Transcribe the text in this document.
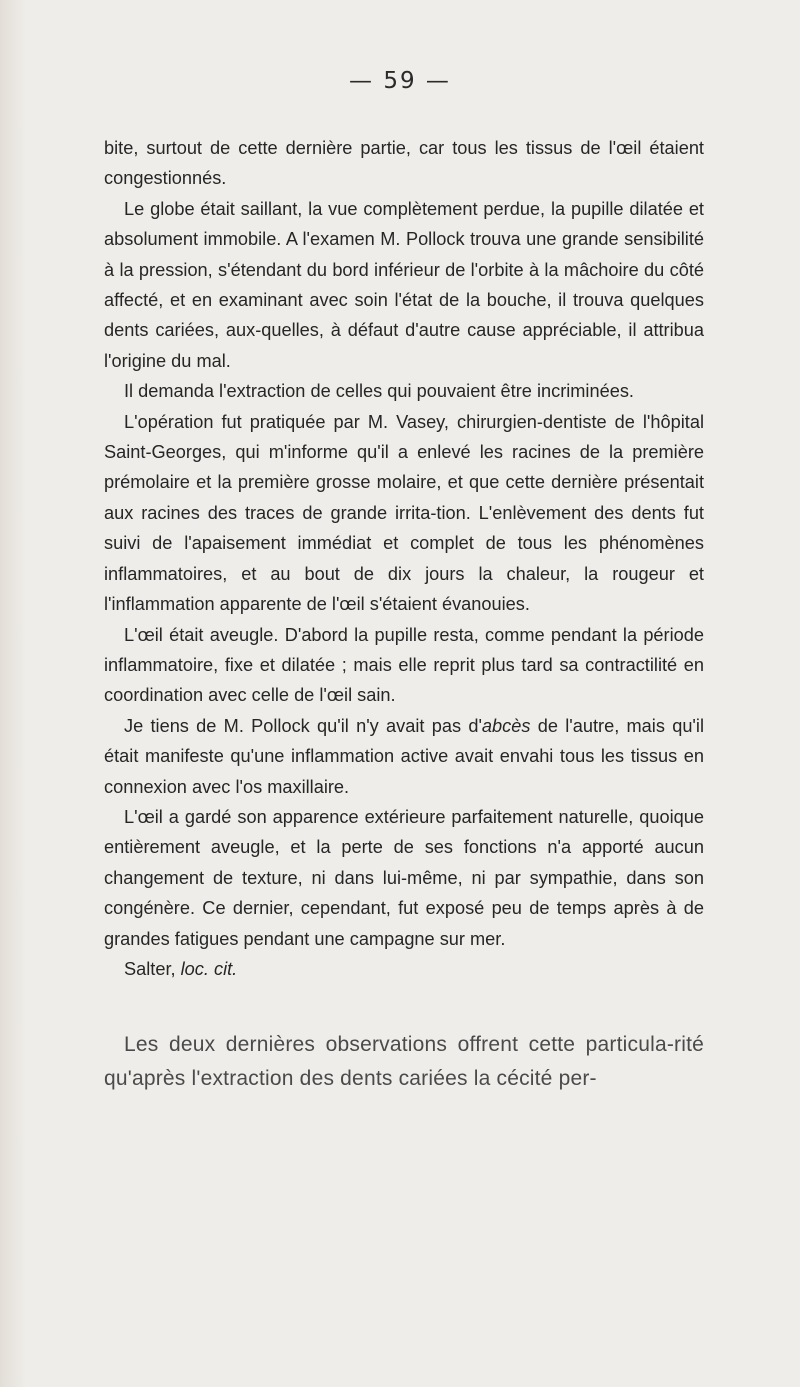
— 59 —

bite, surtout de cette dernière partie, car tous les tissus de l'œil étaient congestionnés.

Le globe était saillant, la vue complètement perdue, la pupille dilatée et absolument immobile. A l'examen M. Pollock trouva une grande sensibilité à la pression, s'étendant du bord inférieur de l'orbite à la mâchoire du côté affecté, et en examinant avec soin l'état de la bouche, il trouva quelques dents cariées, aux-quelles, à défaut d'autre cause appréciable, il attribua l'origine du mal.

Il demanda l'extraction de celles qui pouvaient être incriminées.

L'opération fut pratiquée par M. Vasey, chirurgien-dentiste de l'hôpital Saint-Georges, qui m'informe qu'il a enlevé les racines de la première prémolaire et la première grosse molaire, et que cette dernière présentait aux racines des traces de grande irrita-tion. L'enlèvement des dents fut suivi de l'apaisement immédiat et complet de tous les phénomènes inflammatoires, et au bout de dix jours la chaleur, la rougeur et l'inflammation apparente de l'œil s'étaient évanouies.

L'œil était aveugle. D'abord la pupille resta, comme pendant la période inflammatoire, fixe et dilatée ; mais elle reprit plus tard sa contractilité en coordination avec celle de l'œil sain.

Je tiens de M. Pollock qu'il n'y avait pas d'abcès de l'autre, mais qu'il était manifeste qu'une inflammation active avait envahi tous les tissus en connexion avec l'os maxillaire.

L'œil a gardé son apparence extérieure parfaitement naturelle, quoique entièrement aveugle, et la perte de ses fonctions n'a apporté aucun changement de texture, ni dans lui-même, ni par sympathie, dans son congénère. Ce dernier, cependant, fut exposé peu de temps après à de grandes fatigues pendant une campagne sur mer.

Salter, loc. cit.

Les deux dernières observations offrent cette particula-rité qu'après l'extraction des dents cariées la cécité per-
